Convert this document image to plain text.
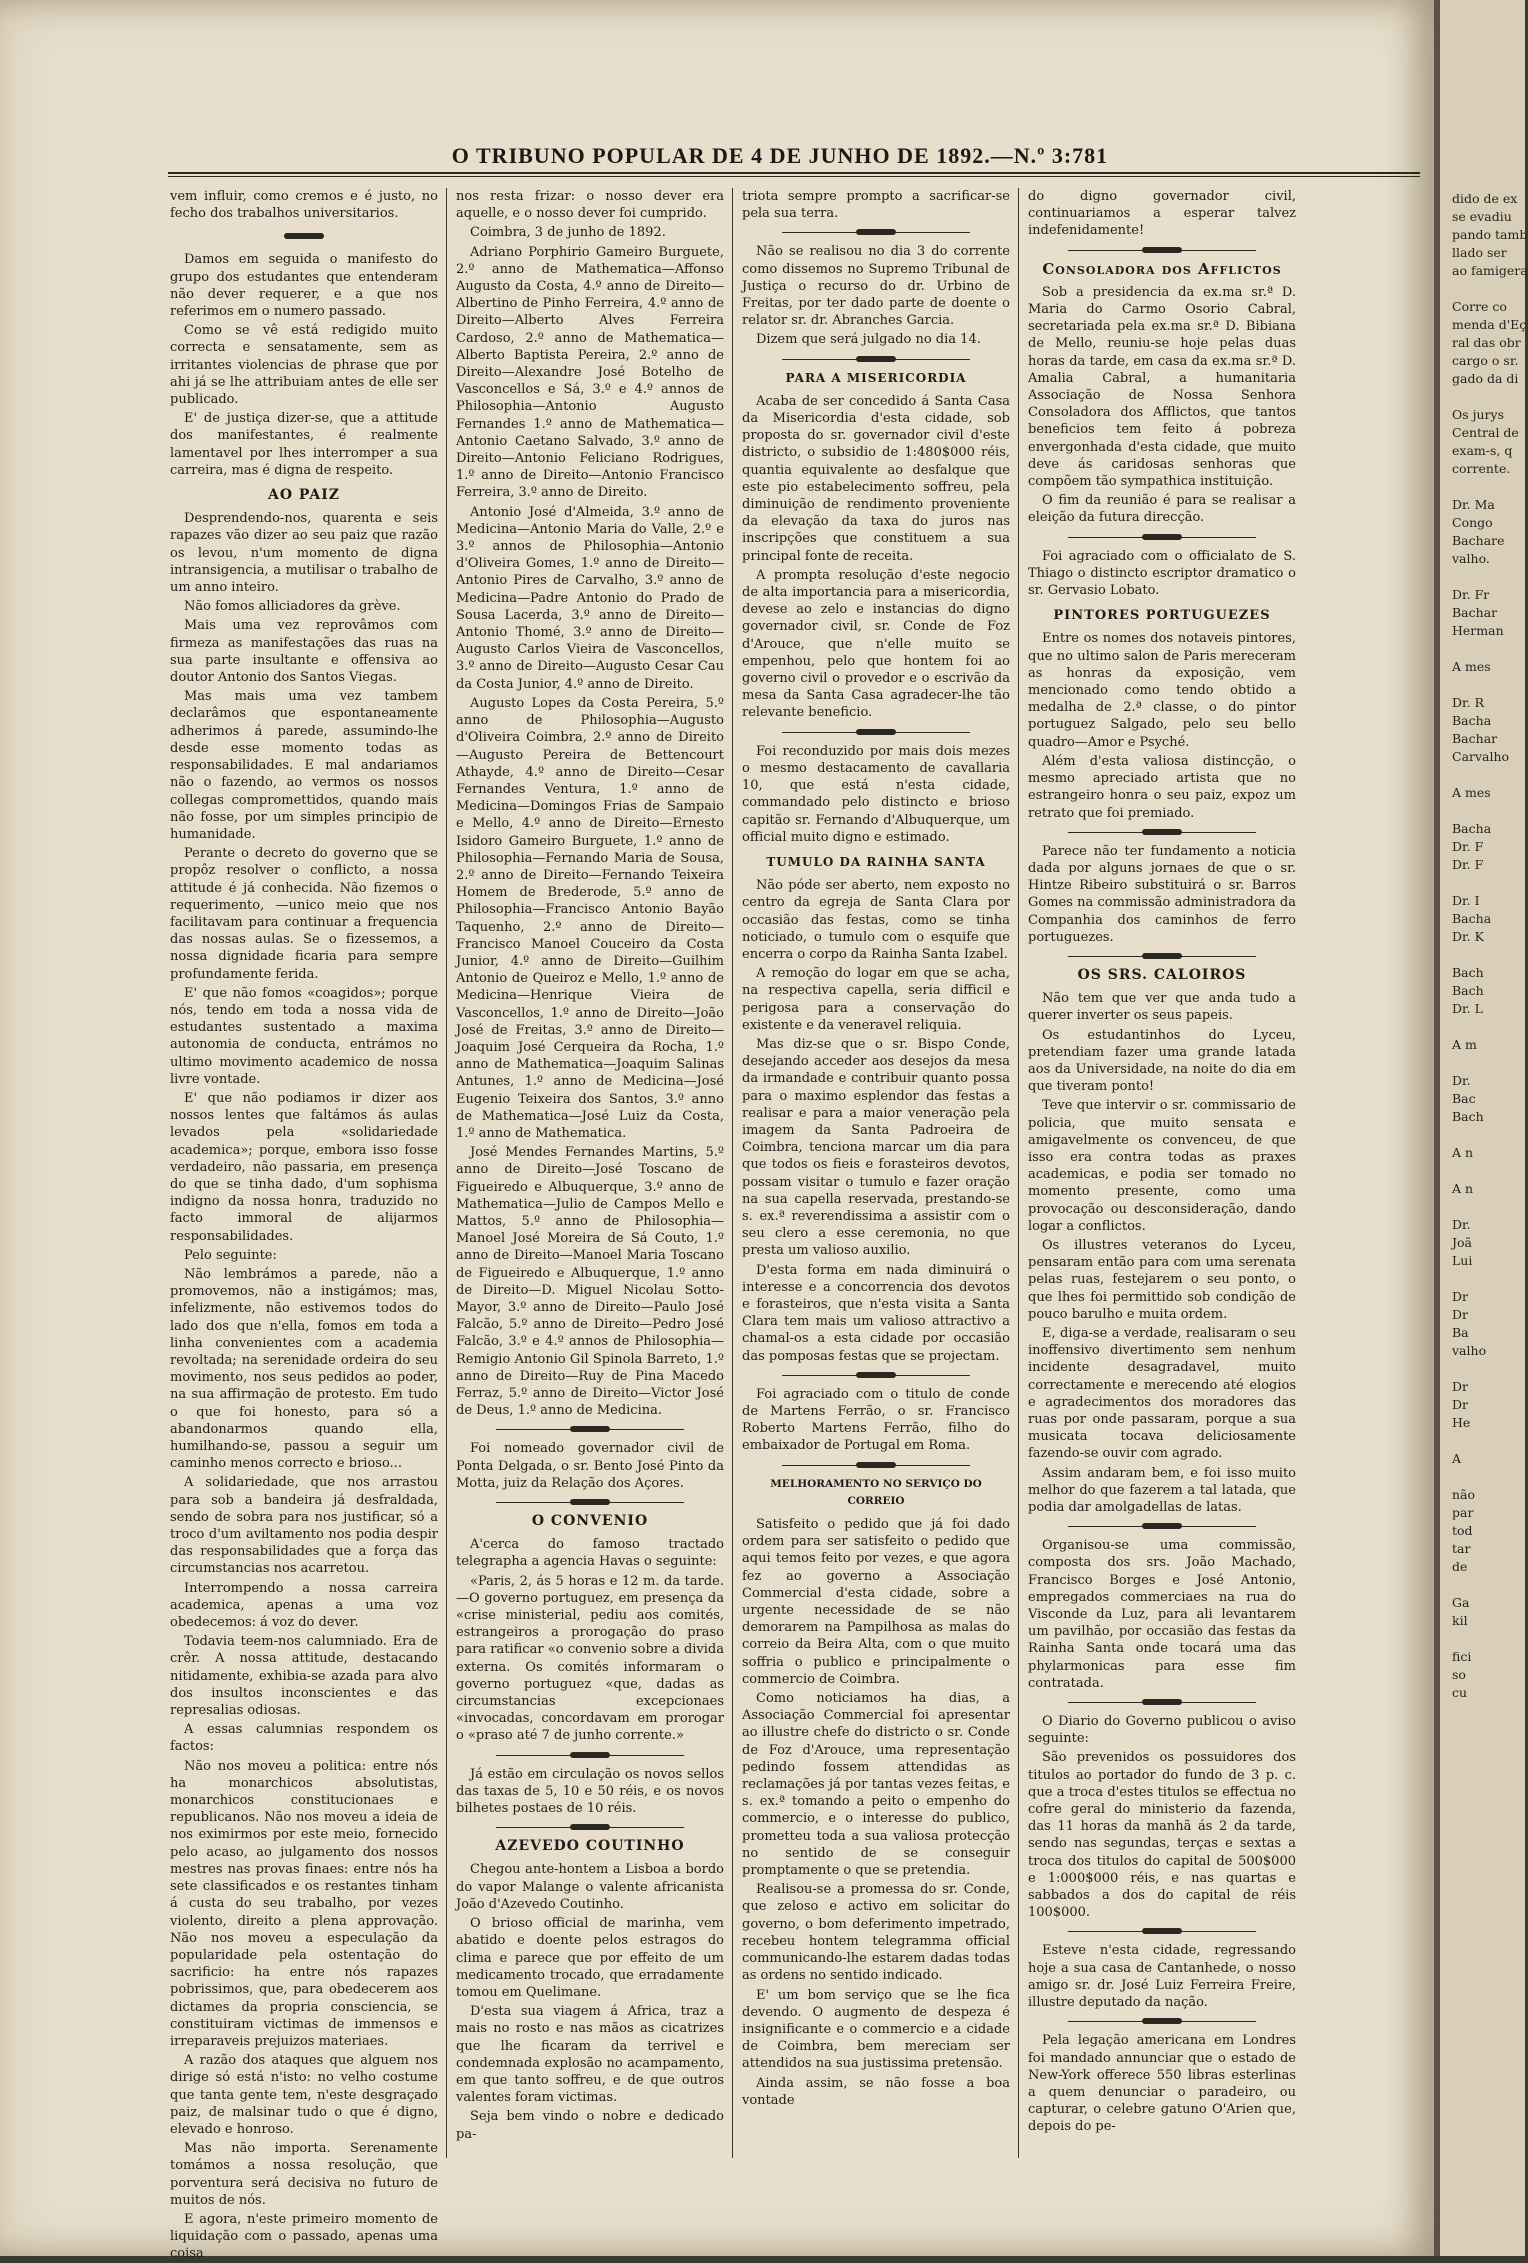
O TRIBUNO POPULAR DE 4 DE JUNHO DE 1892.—N.º 3:781

vem influir, como cremos e é justo, no fecho dos trabalhos universitarios.

Damos em seguida o manifesto do grupo dos estudantes que entenderam não dever requerer, e a que nos referimos em o numero passado.

Como se vê está redigido muito correcta e sensatamente, sem as irritantes violencias de phrase que por ahi já se lhe attribuiam antes de elle ser publicado.

E' de justiça dizer-se, que a attitude dos manifestantes, é realmente lamentavel por lhes interromper a sua carreira, mas é digna de respeito.

AO PAIZ

Desprendendo-nos, quarenta e seis rapazes vão dizer ao seu paiz que razão os levou, n'um momento de digna intransigencia, a mutilisar o trabalho de um anno inteiro.

Não fomos alliciadores da grève.

Mais uma vez reprovâmos com firmeza as manifestações das ruas na sua parte insultante e offensiva ao doutor Antonio dos Santos Viegas.

Mas mais uma vez tambem declarâmos que espontaneamente adherimos á parede, assumindo-lhe desde esse momento todas as responsabilidades. E mal andariamos não o fazendo, ao vermos os nossos collegas compromettidos, quando mais não fosse, por um simples principio de humanidade.

Perante o decreto do governo que se propôz resolver o conflicto, a nossa attitude é já conhecida. Não fizemos o requerimento, —unico meio que nos facilitavam para continuar a frequencia das nossas aulas. Se o fizessemos, a nossa dignidade ficaria para sempre profundamente ferida.

E' que não fomos «coagidos»; porque nós, tendo em toda a nossa vida de estudantes sustentado a maxima autonomia de conducta, entrámos no ultimo movimento academico de nossa livre vontade.

E' que não podiamos ir dizer aos nossos lentes que faltámos ás aulas levados pela «solidariedade academica»; porque, embora isso fosse verdadeiro, não passaria, em presença do que se tinha dado, d'um sophisma indigno da nossa honra, traduzido no facto immoral de alijarmos responsabilidades.

Pelo seguinte:

Não lembrámos a parede, não a promovemos, não a instigámos; mas, infelizmente, não estivemos todos do lado dos que n'ella, fomos em toda a linha convenientes com a academia revoltada; na serenidade ordeira do seu movimento, nos seus pedidos ao poder, na sua affirmação de protesto. Em tudo o que foi honesto, para só a abandonarmos quando ella, humilhando-se, passou a seguir um caminho menos correcto e brioso...

A solidariedade, que nos arrastou para sob a bandeira já desfraldada, sendo de sobra para nos justificar, só a troco d'um aviltamento nos podia despir das responsabilidades que a força das circumstancias nos acarretou.

Interrompendo a nossa carreira academica, apenas a uma voz obedecemos: á voz do dever.

Todavia teem-nos calumniado. Era de crêr. A nossa attitude, destacando nitidamente, exhibia-se azada para alvo dos insultos inconscientes e das represalias odiosas.

A essas calumnias respondem os factos:

Não nos moveu a politica: entre nós ha monarchicos absolutistas, monarchicos constitucionaes e republicanos. Não nos moveu a ideia de nos eximirmos por este meio, fornecido pelo acaso, ao julgamento dos nossos mestres nas provas finaes: entre nós ha sete classificados e os restantes tinham á custa do seu trabalho, por vezes violento, direito a plena approvação. Não nos moveu a especulação da popularidade pela ostentação do sacrificio: ha entre nós rapazes pobrissimos, que, para obedecerem aos dictames da propria consciencia, se constituiram victimas de immensos e irreparaveis prejuizos materiaes.

A razão dos ataques que alguem nos dirige só está n'isto: no velho costume que tanta gente tem, n'este desgraçado paiz, de malsinar tudo o que é digno, elevado e honroso.

Mas não importa. Serenamente tomámos a nossa resolução, que porventura será decisiva no futuro de muitos de nós.

E agora, n'este primeiro momento de liquidação com o passado, apenas uma coisa

nos resta frizar: o nosso dever era aquelle, e o nosso dever foi cumprido.

Coimbra, 3 de junho de 1892.

Adriano Porphirio Gameiro Burguete, 2.º anno de Mathematica—Affonso Augusto da Costa, 4.º anno de Direito—Albertino de Pinho Ferreira, 4.º anno de Direito—Alberto Alves Ferreira Cardoso, 2.º anno de Mathematica—Alberto Baptista Pereira, 2.º anno de Direito—Alexandre José Botelho de Vasconcellos e Sá, 3.º e 4.º annos de Philosophia—Antonio Augusto Fernandes 1.º anno de Mathematica—Antonio Caetano Salvado, 3.º anno de Direito—Antonio Feliciano Rodrigues, 1.º anno de Direito—Antonio Francisco Ferreira, 3.º anno de Direito.

Antonio José d'Almeida, 3.º anno de Medicina—Antonio Maria do Valle, 2.º e 3.º annos de Philosophia—Antonio d'Oliveira Gomes, 1.º anno de Direito—Antonio Pires de Carvalho, 3.º anno de Medicina—Padre Antonio do Prado de Sousa Lacerda, 3.º anno de Direito—Antonio Thomé, 3.º anno de Direito—Augusto Carlos Vieira de Vasconcellos, 3.º anno de Direito—Augusto Cesar Cau da Costa Junior, 4.º anno de Direito.

Augusto Lopes da Costa Pereira, 5.º anno de Philosophia—Augusto d'Oliveira Coimbra, 2.º anno de Direito—Augusto Pereira de Bettencourt Athayde, 4.º anno de Direito—Cesar Fernandes Ventura, 1.º anno de Medicina—Domingos Frias de Sampaio e Mello, 4.º anno de Direito—Ernesto Isidoro Gameiro Burguete, 1.º anno de Philosophia—Fernando Maria de Sousa, 2.º anno de Direito—Fernando Teixeira Homem de Brederode, 5.º anno de Philosophia—Francisco Antonio Bayão Taquenho, 2.º anno de Direito—Francisco Manoel Couceiro da Costa Junior, 4.º anno de Direito—Guilhim Antonio de Queiroz e Mello, 1.º anno de Medicina—Henrique Vieira de Vasconcellos, 1.º anno de Direito—João José de Freitas, 3.º anno de Direito—Joaquim José Cerqueira da Rocha, 1.º anno de Mathematica—Joaquim Salinas Antunes, 1.º anno de Medicina—José Eugenio Teixeira dos Santos, 3.º anno de Mathematica—José Luiz da Costa, 1.º anno de Mathematica.

José Mendes Fernandes Martins, 5.º anno de Direito—José Toscano de Figueiredo e Albuquerque, 3.º anno de Mathematica—Julio de Campos Mello e Mattos, 5.º anno de Philosophia—Manoel José Moreira de Sá Couto, 1.º anno de Direito—Manoel Maria Toscano de Figueiredo e Albuquerque, 1.º anno de Direito—D. Miguel Nicolau Sotto-Mayor, 3.º anno de Direito—Paulo José Falcão, 5.º anno de Direito—Pedro José Falcão, 3.º e 4.º annos de Philosophia—Remigio Antonio Gil Spinola Barreto, 1.º anno de Direito—Ruy de Pina Macedo Ferraz, 5.º anno de Direito—Victor José de Deus, 1.º anno de Medicina.

Foi nomeado governador civil de Ponta Delgada, o sr. Bento José Pinto da Motta, juiz da Relação dos Açores.

O CONVENIO

A'cerca do famoso tractado telegrapha a agencia Havas o seguinte:

«Paris, 2, ás 5 horas e 12 m. da tarde. —O governo portuguez, em presença da «crise ministerial, pediu aos comités, estrangeiros a prorogação do praso para ratificar «o convenio sobre a divida externa. Os comités informaram o governo portuguez «que, dadas as circumstancias excepcionaes «invocadas, concordavam em prorogar o «praso até 7 de junho corrente.»

Já estão em circulação os novos sellos das taxas de 5, 10 e 50 réis, e os novos bilhetes postaes de 10 réis.

AZEVEDO COUTINHO

Chegou ante-hontem a Lisboa a bordo do vapor Malange o valente africanista João d'Azevedo Coutinho.

O brioso official de marinha, vem abatido e doente pelos estragos do clima e parece que por effeito de um medicamento trocado, que erradamente tomou em Quelimane.

D'esta sua viagem á Africa, traz a mais no rosto e nas mãos as cicatrizes que lhe ficaram da terrivel e condemnada explosão no acampamento, em que tanto soffreu, e de que outros valentes foram victimas.

Seja bem vindo o nobre e dedicado pa-

triota sempre prompto a sacrificar-se pela sua terra.

Não se realisou no dia 3 do corrente como dissemos no Supremo Tribunal de Justiça o recurso do dr. Urbino de Freitas, por ter dado parte de doente o relator sr. dr. Abranches Garcia.

Dizem que será julgado no dia 14.

PARA A MISERICORDIA

Acaba de ser concedido á Santa Casa da Misericordia d'esta cidade, sob proposta do sr. governador civil d'este districto, o subsidio de 1:480$000 réis, quantia equivalente ao desfalque que este pio estabelecimento soffreu, pela diminuição de rendimento proveniente da elevação da taxa do juros nas inscripções que constituem a sua principal fonte de receita.

A prompta resolução d'este negocio de alta importancia para a misericordia, devese ao zelo e instancias do digno governador civil, sr. Conde de Foz d'Arouce, que n'elle muito se empenhou, pelo que hontem foi ao governo civil o provedor e o escrivão da mesa da Santa Casa agradecer-lhe tão relevante beneficio.

Foi reconduzido por mais dois mezes o mesmo destacamento de cavallaria 10, que está n'esta cidade, commandado pelo distincto e brioso capitão sr. Fernando d'Albuquerque, um official muito digno e estimado.

TUMULO DA RAINHA SANTA

Não póde ser aberto, nem exposto no centro da egreja de Santa Clara por occasião das festas, como se tinha noticiado, o tumulo com o esquife que encerra o corpo da Rainha Santa Izabel.

A remoção do logar em que se acha, na respectiva capella, seria difficil e perigosa para a conservação do existente e da veneravel reliquia.

Mas diz-se que o sr. Bispo Conde, desejando acceder aos desejos da mesa da irmandade e contribuir quanto possa para o maximo esplendor das festas a realisar e para a maior veneração pela imagem da Santa Padroeira de Coimbra, tenciona marcar um dia para que todos os fieis e forasteiros devotos, possam visitar o tumulo e fazer oração na sua capella reservada, prestando-se s. ex.ª reverendissima a assistir com o seu clero a esse ceremonia, no que presta um valioso auxilio.

D'esta forma em nada diminuirá o interesse e a concorrencia dos devotos e forasteiros, que n'esta visita a Santa Clara tem mais um valioso attractivo a chamal-os a esta cidade por occasião das pomposas festas que se projectam.

Foi agraciado com o titulo de conde de Martens Ferrão, o sr. Francisco Roberto Martens Ferrão, filho do embaixador de Portugal em Roma.

MELHORAMENTO NO SERVIÇO DO CORREIO

Satisfeito o pedido que já foi dado ordem para ser satisfeito o pedido que aqui temos feito por vezes, e que agora fez ao governo a Associação Commercial d'esta cidade, sobre a urgente necessidade de se não demorarem na Pampilhosa as malas do correio da Beira Alta, com o que muito soffria o publico e principalmente o commercio de Coimbra.

Como noticiamos ha dias, a Associação Commercial foi apresentar ao illustre chefe do districto o sr. Conde de Foz d'Arouce, uma representação pedindo fossem attendidas as reclamações já por tantas vezes feitas, e s. ex.ª tomando a peito o empenho do commercio, e o interesse do publico, prometteu toda a sua valiosa protecção no sentido de se conseguir promptamente o que se pretendia.

Realisou-se a promessa do sr. Conde, que zeloso e activo em solicitar do governo, o bom deferimento impetrado, recebeu hontem telegramma official communicando-lhe estarem dadas todas as ordens no sentido indicado.

E' um bom serviço que se lhe fica devendo. O augmento de despeza é insignificante e o commercio e a cidade de Coimbra, bem mereciam ser attendidos na sua justissima pretensão.

Ainda assim, se não fosse a boa vontade

do digno governador civil, continuariamos a esperar talvez indefenidamente!

Consoladora dos Afflictos

Sob a presidencia da ex.ma sr.ª D. Maria do Carmo Osorio Cabral, secretariada pela ex.ma sr.ª D. Bibiana de Mello, reuniu-se hoje pelas duas horas da tarde, em casa da ex.ma sr.ª D. Amalia Cabral, a humanitaria Associação de Nossa Senhora Consoladora dos Afflictos, que tantos beneficios tem feito á pobreza envergonhada d'esta cidade, que muito deve ás caridosas senhoras que compõem tão sympathica instituição.

O fim da reunião é para se realisar a eleição da futura direcção.

Foi agraciado com o officialato de S. Thiago o distincto escriptor dramatico o sr. Gervasio Lobato.

PINTORES PORTUGUEZES

Entre os nomes dos notaveis pintores, que no ultimo salon de Paris mereceram as honras da exposição, vem mencionado como tendo obtido a medalha de 2.ª classe, o do pintor portuguez Salgado, pelo seu bello quadro—Amor e Psyché.

Além d'esta valiosa distincção, o mesmo apreciado artista que no estrangeiro honra o seu paiz, expoz um retrato que foi premiado.

Parece não ter fundamento a noticia dada por alguns jornaes de que o sr. Hintze Ribeiro substituirá o sr. Barros Gomes na commissão administradora da Companhia dos caminhos de ferro portuguezes.

OS SRS. CALOIROS

Não tem que ver que anda tudo a querer inverter os seus papeis.

Os estudantinhos do Lyceu, pretendiam fazer uma grande latada aos da Universidade, na noite do dia em que tiveram ponto!

Teve que intervir o sr. commissario de policia, que muito sensata e amigavelmente os convenceu, de que isso era contra todas as praxes academicas, e podia ser tomado no momento presente, como uma provocação ou desconsideração, dando logar a conflictos.

Os illustres veteranos do Lyceu, pensaram então para com uma serenata pelas ruas, festejarem o seu ponto, o que lhes foi permittido sob condição de pouco barulho e muita ordem.

E, diga-se a verdade, realisaram o seu inoffensivo divertimento sem nenhum incidente desagradavel, muito correctamente e merecendo até elogios e agradecimentos dos moradores das ruas por onde passaram, porque a sua musicata tocava deliciosamente fazendo-se ouvir com agrado.

Assim andaram bem, e foi isso muito melhor do que fazerem a tal latada, que podia dar amolgadellas de latas.

Organisou-se uma commissão, composta dos srs. João Machado, Francisco Borges e José Antonio, empregados commerciaes na rua do Visconde da Luz, para ali levantarem um pavilhão, por occasião das festas da Rainha Santa onde tocará uma das phylarmonicas para esse fim contratada.

O Diario do Governo publicou o aviso seguinte:

São prevenidos os possuidores dos titulos ao portador do fundo de 3 p. c. que a troca d'estes titulos se effectua no cofre geral do ministerio da fazenda, das 11 horas da manhã ás 2 da tarde, sendo nas segundas, terças e sextas a troca dos titulos do capital de 500$000 e 1:000$000 réis, e nas quartas e sabbados a dos do capital de réis 100$000.

Esteve n'esta cidade, regressando hoje a sua casa de Cantanhede, o nosso amigo sr. dr. José Luiz Ferreira Freire, illustre deputado da nação.

Pela legação americana em Londres foi mandado annunciar que o estado de New-York offerece 550 libras esterlinas a quem denunciar o paradeiro, ou capturar, o celebre gatuno O'Arien que, depois do pe-

dido de ex
se evadiu
pando tamb
llado ser
ao famigera

Corre co
menda d'Eç
ral das obr
cargo o sr.
gado da di

Os jurys
Central de
exam-s, q
corrente.

Dr. Ma
Congo
Bachare
valho.

Dr. Fr
Bachar
Herman

A mes

Dr. R
Bacha
Bachar
Carvalho

A mes

Bacha
Dr. F
Dr. F

Dr. I
Bacha
Dr. K

Bach
Bach
Dr. L

A m

Dr.
Bac
Bach

A n

A n

Dr.
Joã
Lui

Dr
Dr
Ba
valho

Dr
Dr
He

A

não
par
tod
tar
de

Ga
kil

fici
so
cu
